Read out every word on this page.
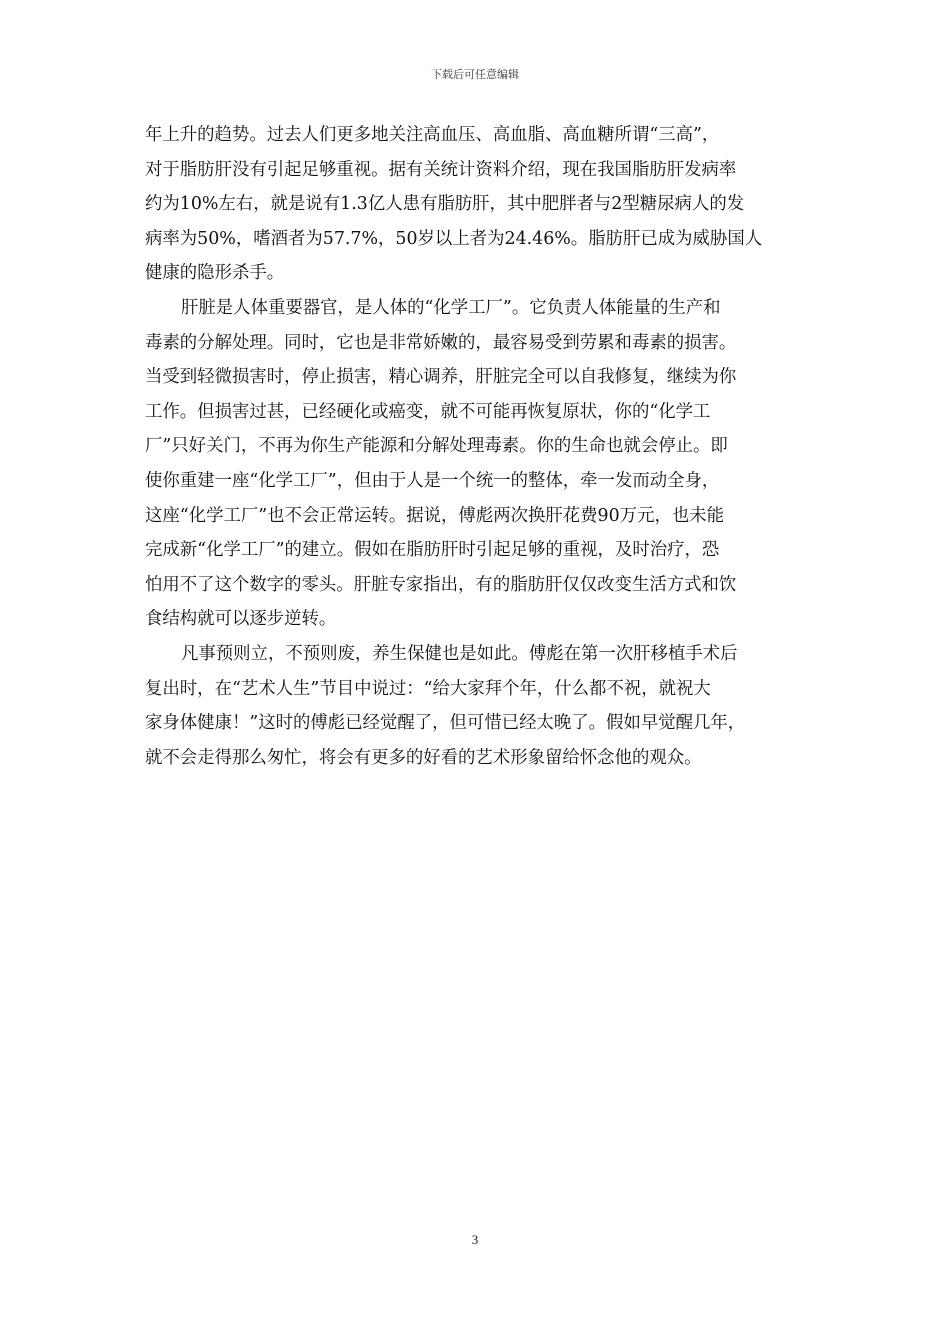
下载后可任意编辑
年上升的趋势。过去人们更多地关注高血压、高血脂、高血糖所谓“三高”，
对于脂肪肝没有引起足够重视。据有关统计资料介绍，现在我国脂肪肝发病率
约为10%左右，就是说有1.3亿人患有脂肪肝，其中肥胖者与2型糖尿病人的发
病率为50%，嗜酒者为57.7%，50岁以上者为24.46%。脂肪肝已成为威胁国人
健康的隐形杀手。
肝脏是人体重要器官，是人体的“化学工厂”。它负责人体能量的生产和
毒素的分解处理。同时，它也是非常娇嫩的，最容易受到劳累和毒素的损害。
当受到轻微损害时，停止损害，精心调养，肝脏完全可以自我修复，继续为你
工作。但损害过甚，已经硬化或癌变，就不可能再恢复原状，你的“化学工
厂”只好关门，不再为你生产能源和分解处理毒素。你的生命也就会停止。即
使你重建一座“化学工厂”，但由于人是一个统一的整体，牵一发而动全身，
这座“化学工厂”也不会正常运转。据说，傅彪两次换肝花费90万元，也未能
完成新“化学工厂”的建立。假如在脂肪肝时引起足够的重视，及时治疗，恐
怕用不了这个数字的零头。肝脏专家指出，有的脂肪肝仅仅改变生活方式和饮
食结构就可以逐步逆转。
凡事预则立，不预则废，养生保健也是如此。傅彪在第一次肝移植手术后
复出时，在“艺术人生”节目中说过：“给大家拜个年，什么都不祝，就祝大
家身体健康！”这时的傅彪已经觉醒了，但可惜已经太晚了。假如早觉醒几年，
就不会走得那么匆忙，将会有更多的好看的艺术形象留给怀念他的观众。
3
